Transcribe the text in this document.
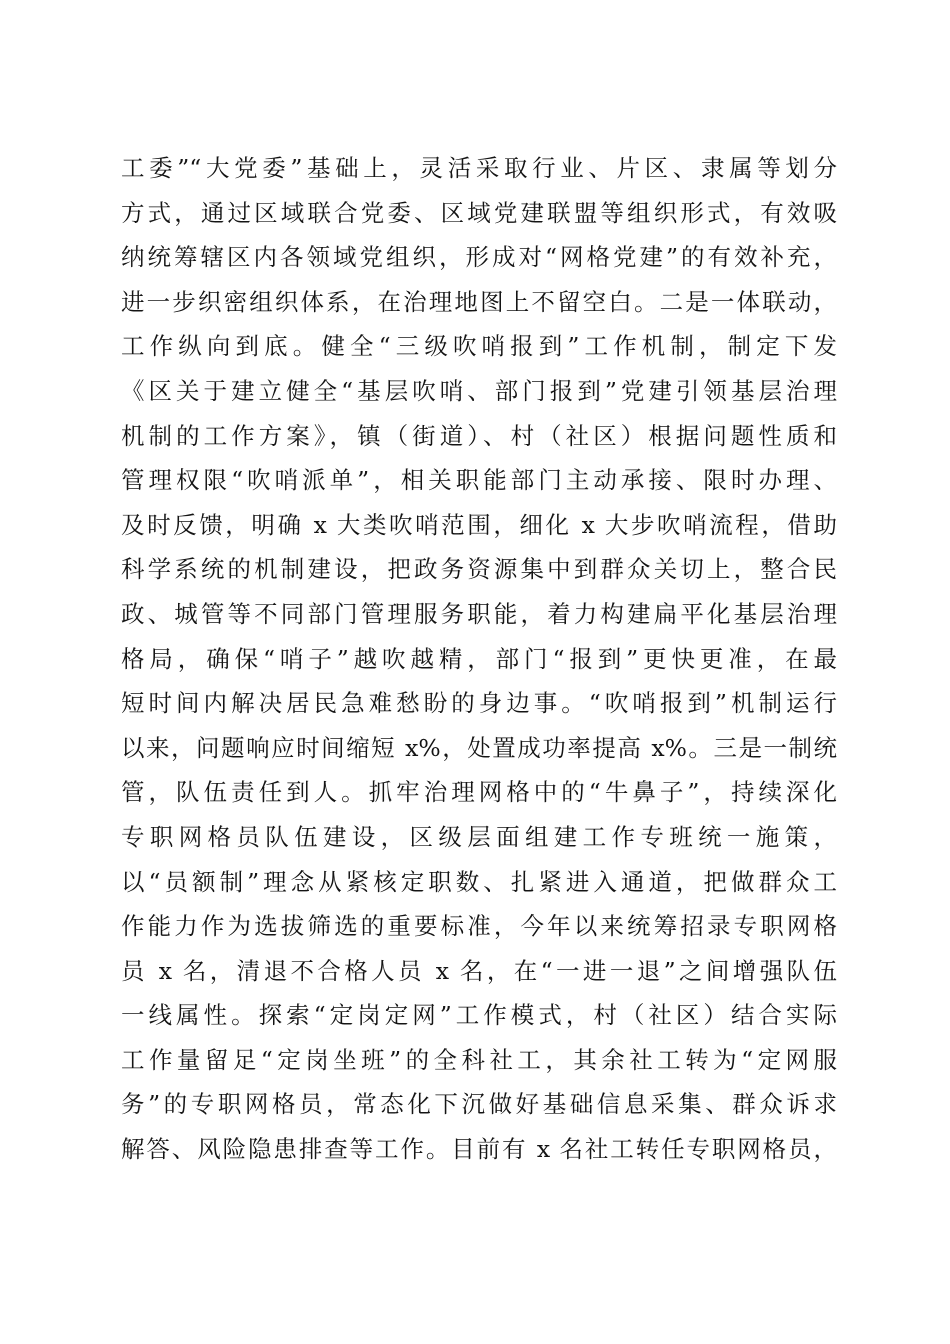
工委”“大党委”基础上，灵活采取行业、片区、隶属等划分
方式，通过区域联合党委、区域党建联盟等组织形式，有效吸
纳统筹辖区内各领域党组织，形成对“网格党建”的有效补充，
进一步织密组织体系，在治理地图上不留空白。二是一体联动，
工作纵向到底。健全“三级吹哨报到”工作机制，制定下发
《区关于建立健全“基层吹哨、部门报到”党建引领基层治理
机制的工作方案》，镇（街道）、村（社区）根据问题性质和
管理权限“吹哨派单”，相关职能部门主动承接、限时办理、
及时反馈，明确 x 大类吹哨范围，细化 x 大步吹哨流程，借助
科学系统的机制建设，把政务资源集中到群众关切上，整合民
政、城管等不同部门管理服务职能，着力构建扁平化基层治理
格局，确保“哨子”越吹越精，部门“报到”更快更准，在最
短时间内解决居民急难愁盼的身边事。“吹哨报到”机制运行
以来，问题响应时间缩短 x%，处置成功率提高 x%。三是一制统
管，队伍责任到人。抓牢治理网格中的“牛鼻子”，持续深化
专职网格员队伍建设，区级层面组建工作专班统一施策，
以“员额制”理念从紧核定职数、扎紧进入通道，把做群众工
作能力作为选拔筛选的重要标准，今年以来统筹招录专职网格
员 x 名，清退不合格人员 x 名，在“一进一退”之间增强队伍
一线属性。探索“定岗定网”工作模式，村（社区）结合实际
工作量留足“定岗坐班”的全科社工，其余社工转为“定网服
务”的专职网格员，常态化下沉做好基础信息采集、群众诉求
解答、风险隐患排查等工作。目前有 x 名社工转任专职网格员，
